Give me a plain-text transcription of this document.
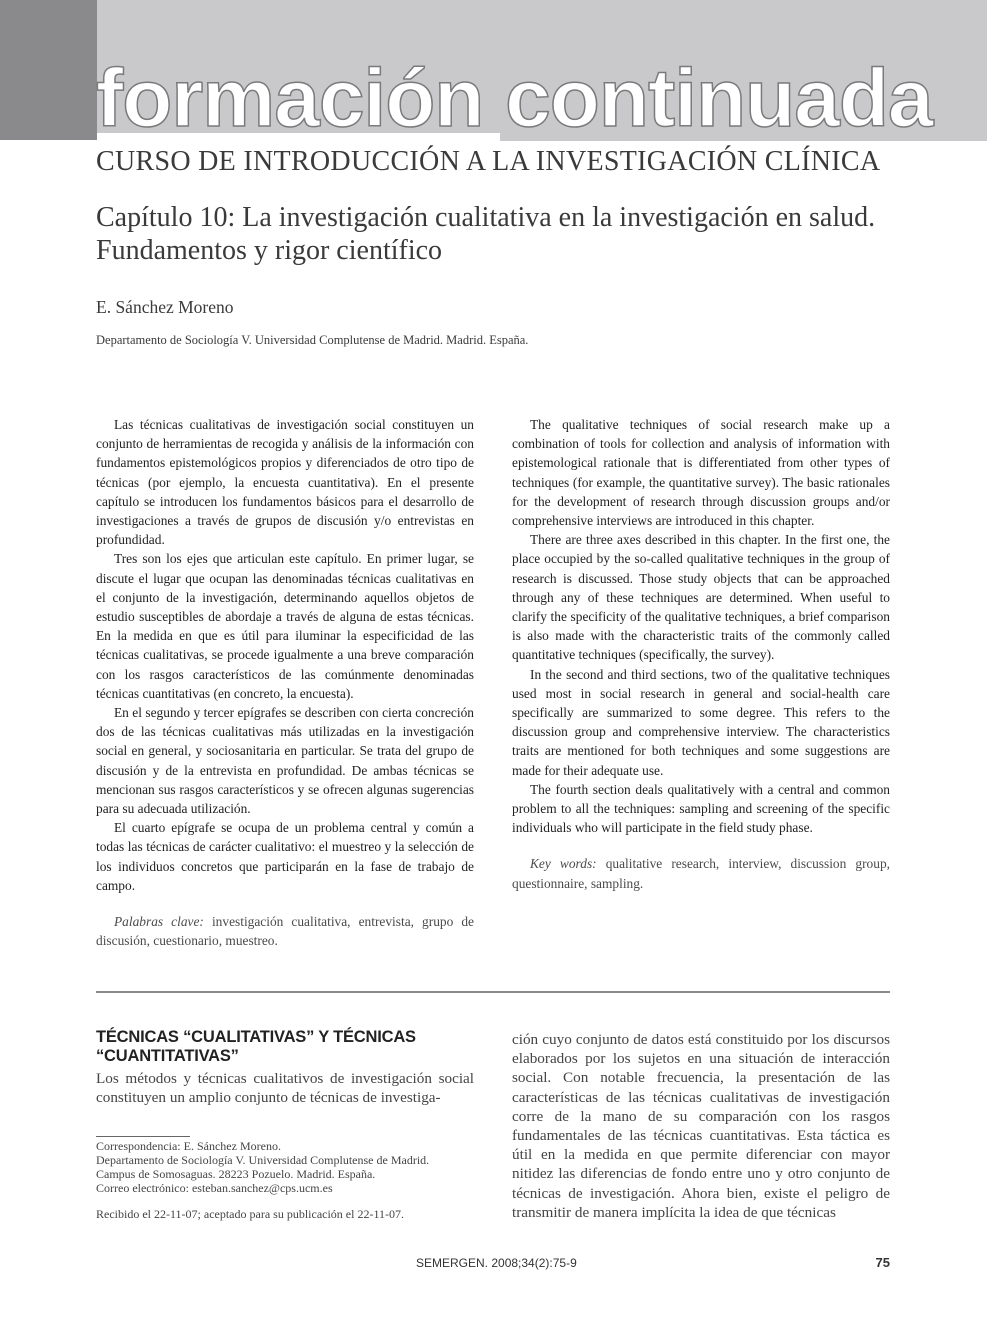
formación continuada
CURSO DE INTRODUCCIÓN A LA INVESTIGACIÓN CLÍNICA
Capítulo 10: La investigación cualitativa en la investigación en salud. Fundamentos y rigor científico
E. Sánchez Moreno
Departamento de Sociología V. Universidad Complutense de Madrid. Madrid. España.

Las técnicas cualitativas de investigación social constituyen un conjunto de herramientas de recogida y análisis de la información con fundamentos epistemológicos propios y diferenciados de otro tipo de técnicas (por ejemplo, la encuesta cuantitativa). En el presente capítulo se introducen los fundamentos básicos para el desarrollo de investigaciones a través de grupos de discusión y/o entrevistas en profundidad.

Tres son los ejes que articulan este capítulo. En primer lugar, se discute el lugar que ocupan las denominadas técnicas cualitativas en el conjunto de la investigación, determinando aquellos objetos de estudio susceptibles de abordaje a través de alguna de estas técnicas. En la medida en que es útil para iluminar la especificidad de las técnicas cualitativas, se procede igualmente a una breve comparación con los rasgos característicos de las comúnmente denominadas técnicas cuantitativas (en concreto, la encuesta).

En el segundo y tercer epígrafes se describen con cierta concreción dos de las técnicas cualitativas más utilizadas en la investigación social en general, y sociosanitaria en particular. Se trata del grupo de discusión y de la entrevista en profundidad. De ambas técnicas se mencionan sus rasgos característicos y se ofrecen algunas sugerencias para su adecuada utilización.

El cuarto epígrafe se ocupa de un problema central y común a todas las técnicas de carácter cualitativo: el muestreo y la selección de los individuos concretos que participarán en la fase de trabajo de campo.

Palabras clave: investigación cualitativa, entrevista, grupo de discusión, cuestionario, muestreo.

The qualitative techniques of social research make up a combination of tools for collection and analysis of information with epistemological rationale that is differentiated from other types of techniques (for example, the quantitative survey). The basic rationales for the development of research through discussion groups and/or comprehensive interviews are introduced in this chapter.

There are three axes described in this chapter. In the first one, the place occupied by the so-called qualitative techniques in the group of research is discussed. Those study objects that can be approached through any of these techniques are determined. When useful to clarify the specificity of the qualitative techniques, a brief comparison is also made with the characteristic traits of the commonly called quantitative techniques (specifically, the survey).

In the second and third sections, two of the qualitative techniques used most in social research in general and social-health care specifically are summarized to some degree. This refers to the discussion group and comprehensive interview. The characteristics traits are mentioned for both techniques and some suggestions are made for their adequate use.

The fourth section deals qualitatively with a central and common problem to all the techniques: sampling and screening of the specific individuals who will participate in the field study phase.

Key words: qualitative research, interview, discussion group, questionnaire, sampling.
TÉCNICAS “CUALITATIVAS” Y TÉCNICAS “CUANTITATIVAS”

Los métodos y técnicas cualitativos de investigación social constituyen un amplio conjunto de técnicas de investiga-

ción cuyo conjunto de datos está constituido por los discursos elaborados por los sujetos en una situación de interacción social. Con notable frecuencia, la presentación de las características de las técnicas cualitativas de investigación corre de la mano de su comparación con los rasgos fundamentales de las técnicas cuantitativas. Esta táctica es útil en la medida en que permite diferenciar con mayor nitidez las diferencias de fondo entre uno y otro conjunto de técnicas de investigación. Ahora bien, existe el peligro de transmitir de manera implícita la idea de que técnicas

Correspondencia: E. Sánchez Moreno.
Departamento de Sociología V. Universidad Complutense de Madrid.
Campus de Somosaguas. 28223 Pozuelo. Madrid. España.
Correo electrónico: esteban.sanchez@cps.ucm.es
Recibido el 22-11-07; aceptado para su publicación el 22-11-07.
SEMERGEN. 2008;34(2):75-9	75
